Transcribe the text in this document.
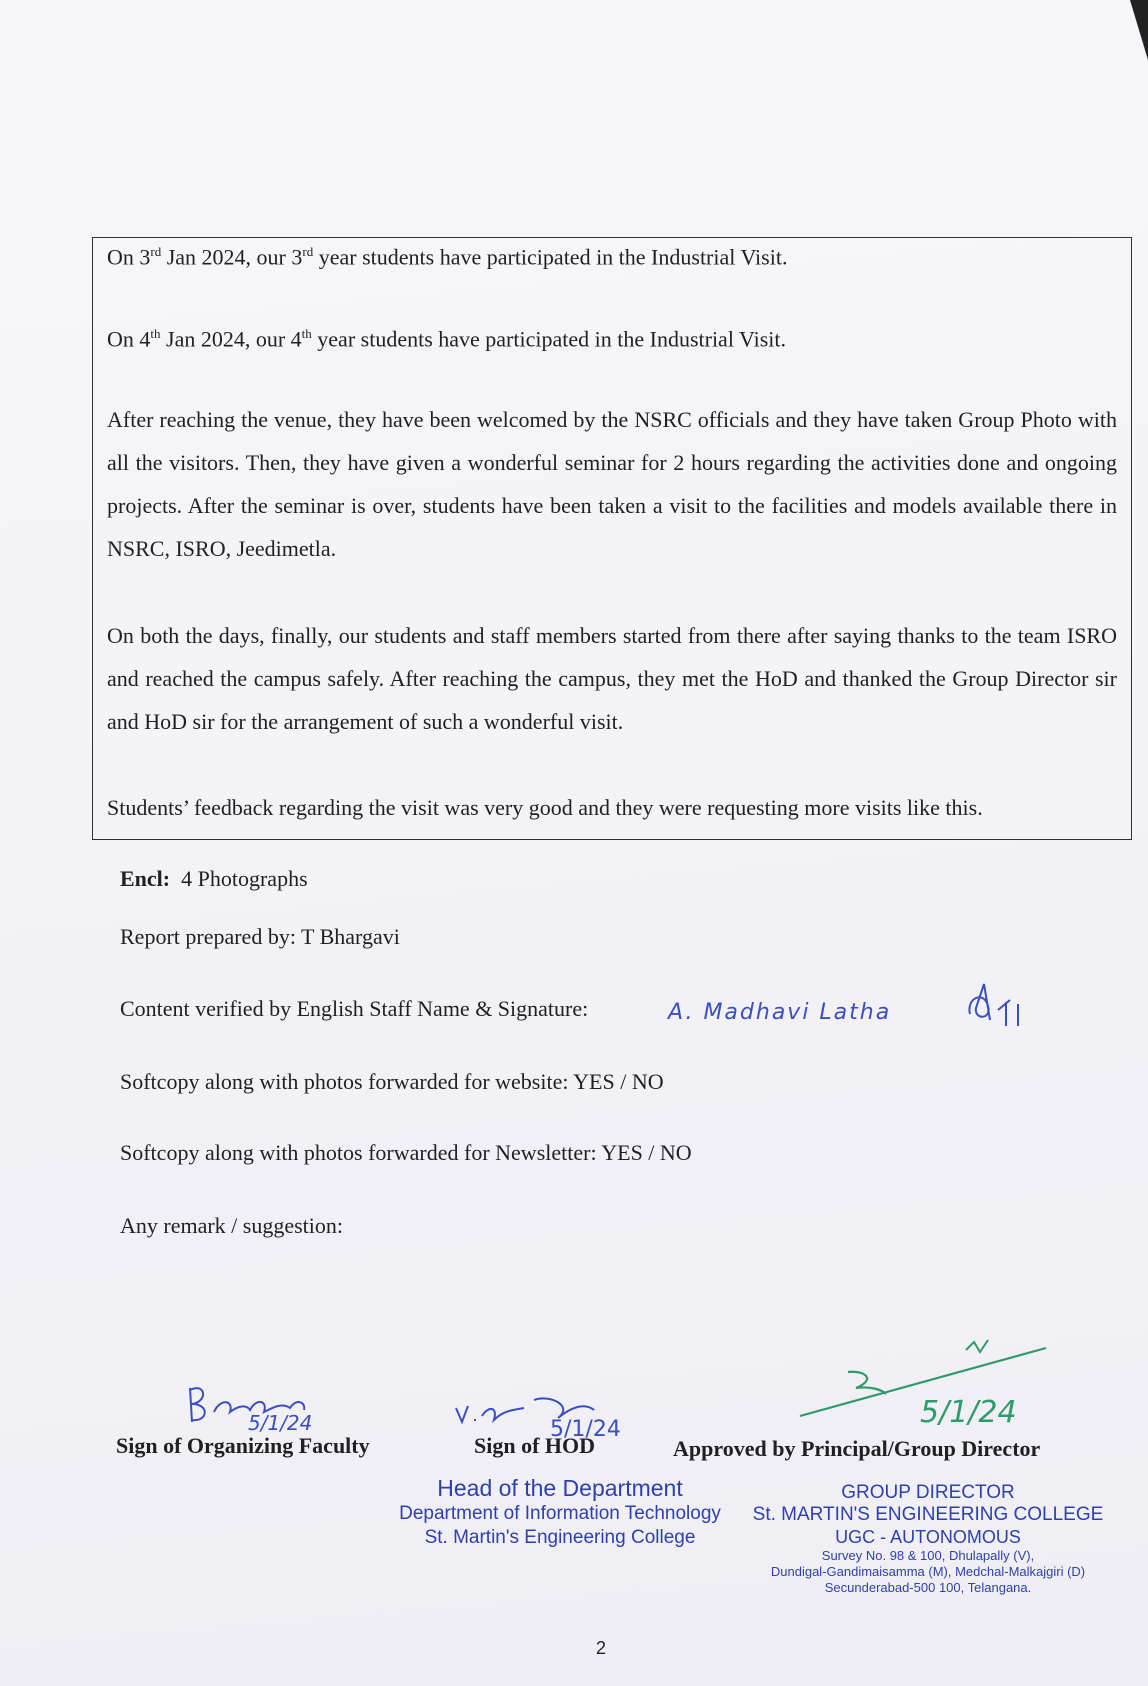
On 3rd Jan 2024, our 3rd year students have participated in the Industrial Visit.

On 4th Jan 2024, our 4th year students have participated in the Industrial Visit.

After reaching the venue, they have been welcomed by the NSRC officials and they have taken Group Photo with all the visitors. Then, they have given a wonderful seminar for 2 hours regarding the activities done and ongoing projects. After the seminar is over, students have been taken a visit to the facilities and models available there in NSRC, ISRO, Jeedimetla.

On both the days, finally, our students and staff members started from there after saying thanks to the team ISRO and reached the campus safely. After reaching the campus, they met the HoD and thanked the Group Director sir and HoD sir for the arrangement of such a wonderful visit.

Students’ feedback regarding the visit was very good and they were requesting more visits like this.

Encl: 4 Photographs
Report prepared by: T Bhargavi
Content verified by English Staff Name & Signature:	A. Madhavi Latha
Softcopy along with photos forwarded for website: YES / NO
Softcopy along with photos forwarded for Newsletter: YES / NO
Any remark / suggestion:
5/1/24	5/1/24	5/1/24
Sign of Organizing Faculty	Sign of HOD	Approved by Principal/Group Director
Head of the Department
Department of Information Technology
St. Martin's Engineering College
GROUP DIRECTOR
St. MARTIN'S ENGINEERING COLLEGE
UGC - AUTONOMOUS
Survey No. 98 & 100, Dhulapally (V),
Dundigal-Gandimaisamma (M), Medchal-Malkajgiri (D)
Secunderabad-500 100, Telangana.
2
